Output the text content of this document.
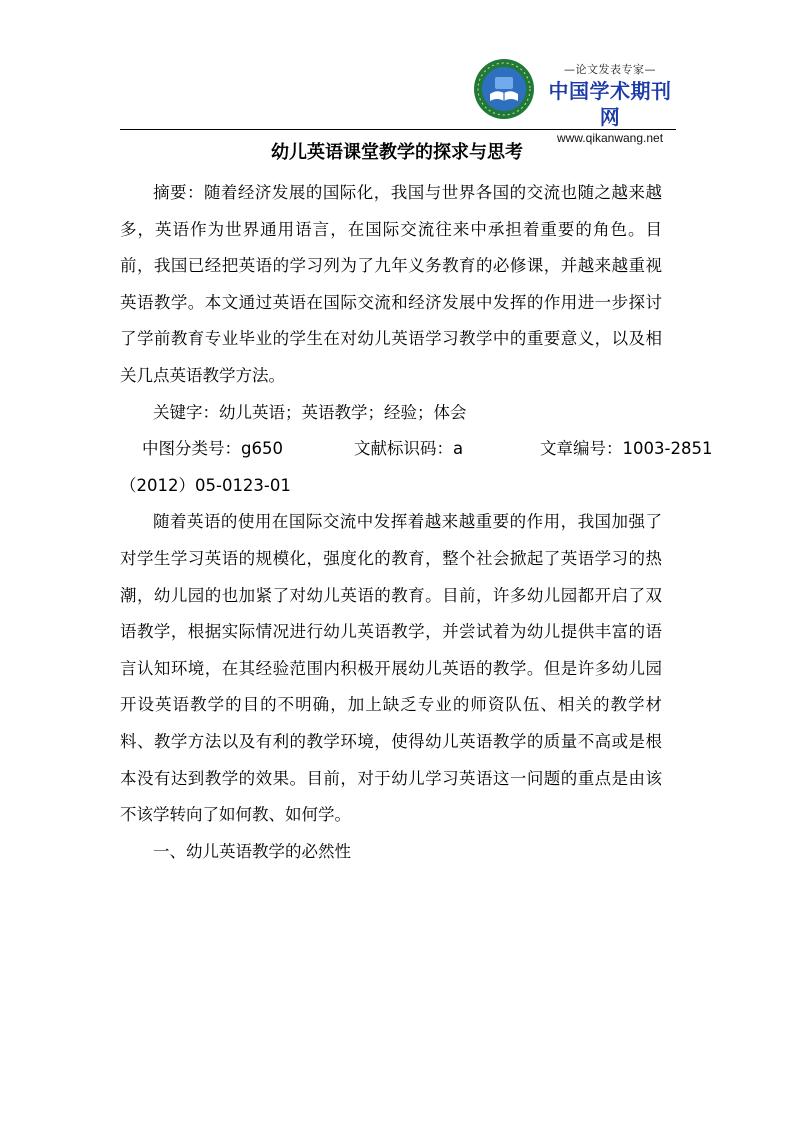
—论文发表专家—
中国学术期刊网
www.qikanwang.net
幼儿英语课堂教学的探求与思考

摘要：随着经济发展的国际化，我国与世界各国的交流也随之越来越多，英语作为世界通用语言，在国际交流往来中承担着重要的角色。目前，我国已经把英语的学习列为了九年义务教育的必修课，并越来越重视英语教学。本文通过英语在国际交流和经济发展中发挥的作用进一步探讨了学前教育专业毕业的学生在对幼儿英语学习教学中的重要意义，以及相关几点英语教学方法。

关键字：幼儿英语；英语教学；经验；体会

中图分类号：g650	文献标识码：a	文章编号：1003-2851

（2012）05-0123-01

随着英语的使用在国际交流中发挥着越来越重要的作用，我国加强了对学生学习英语的规模化，强度化的教育，整个社会掀起了英语学习的热潮，幼儿园的也加紧了对幼儿英语的教育。目前，许多幼儿园都开启了双语教学，根据实际情况进行幼儿英语教学，并尝试着为幼儿提供丰富的语言认知环境，在其经验范围内积极开展幼儿英语的教学。但是许多幼儿园开设英语教学的目的不明确，加上缺乏专业的师资队伍、相关的教学材料、教学方法以及有利的教学环境，使得幼儿英语教学的质量不高或是根本没有达到教学的效果。目前，对于幼儿学习英语这一问题的重点是由该不该学转向了如何教、如何学。

一、幼儿英语教学的必然性
